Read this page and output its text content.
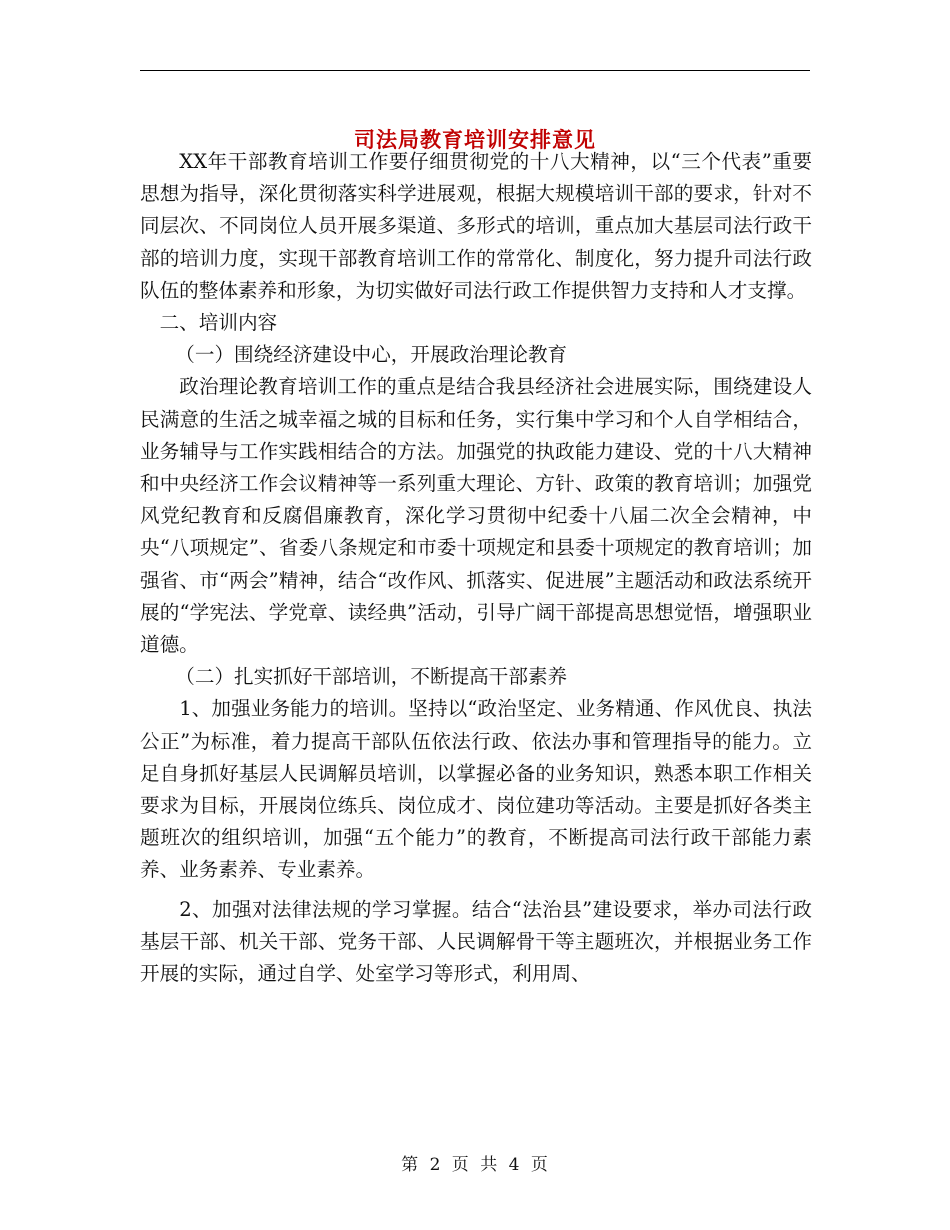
司法局教育培训安排意见

XX年干部教育培训工作要仔细贯彻党的十八大精神，以“三个代表”重要思想为指导，深化贯彻落实科学进展观，根据大规模培训干部的要求，针对不同层次、不同岗位人员开展多渠道、多形式的培训，重点加大基层司法行政干部的培训力度，实现干部教育培训工作的常常化、制度化，努力提升司法行政队伍的整体素养和形象，为切实做好司法行政工作提供智力支持和人才支撑。

二、培训内容

（一）围绕经济建设中心，开展政治理论教育

政治理论教育培训工作的重点是结合我县经济社会进展实际，围绕建设人民满意的生活之城幸福之城的目标和任务，实行集中学习和个人自学相结合，业务辅导与工作实践相结合的方法。加强党的执政能力建设、党的十八大精神和中央经济工作会议精神等一系列重大理论、方针、政策的教育培训；加强党风党纪教育和反腐倡廉教育，深化学习贯彻中纪委十八届二次全会精神，中央“八项规定”、省委八条规定和市委十项规定和县委十项规定的教育培训；加强省、市“两会”精神，结合“改作风、抓落实、促进展”主题活动和政法系统开展的“学宪法、学党章、读经典”活动，引导广阔干部提高思想觉悟，增强职业道德。

（二）扎实抓好干部培训，不断提高干部素养

1、加强业务能力的培训。坚持以“政治坚定、业务精通、作风优良、执法公正”为标准，着力提高干部队伍依法行政、依法办事和管理指导的能力。立足自身抓好基层人民调解员培训，以掌握必备的业务知识，熟悉本职工作相关要求为目标，开展岗位练兵、岗位成才、岗位建功等活动。主要是抓好各类主题班次的组织培训，加强“五个能力”的教育，不断提高司法行政干部能力素养、业务素养、专业素养。

2、加强对法律法规的学习掌握。结合“法治县”建设要求，举办司法行政基层干部、机关干部、党务干部、人民调解骨干等主题班次，并根据业务工作开展的实际，通过自学、处室学习等形式，利用周、

第 2 页 共 4 页
